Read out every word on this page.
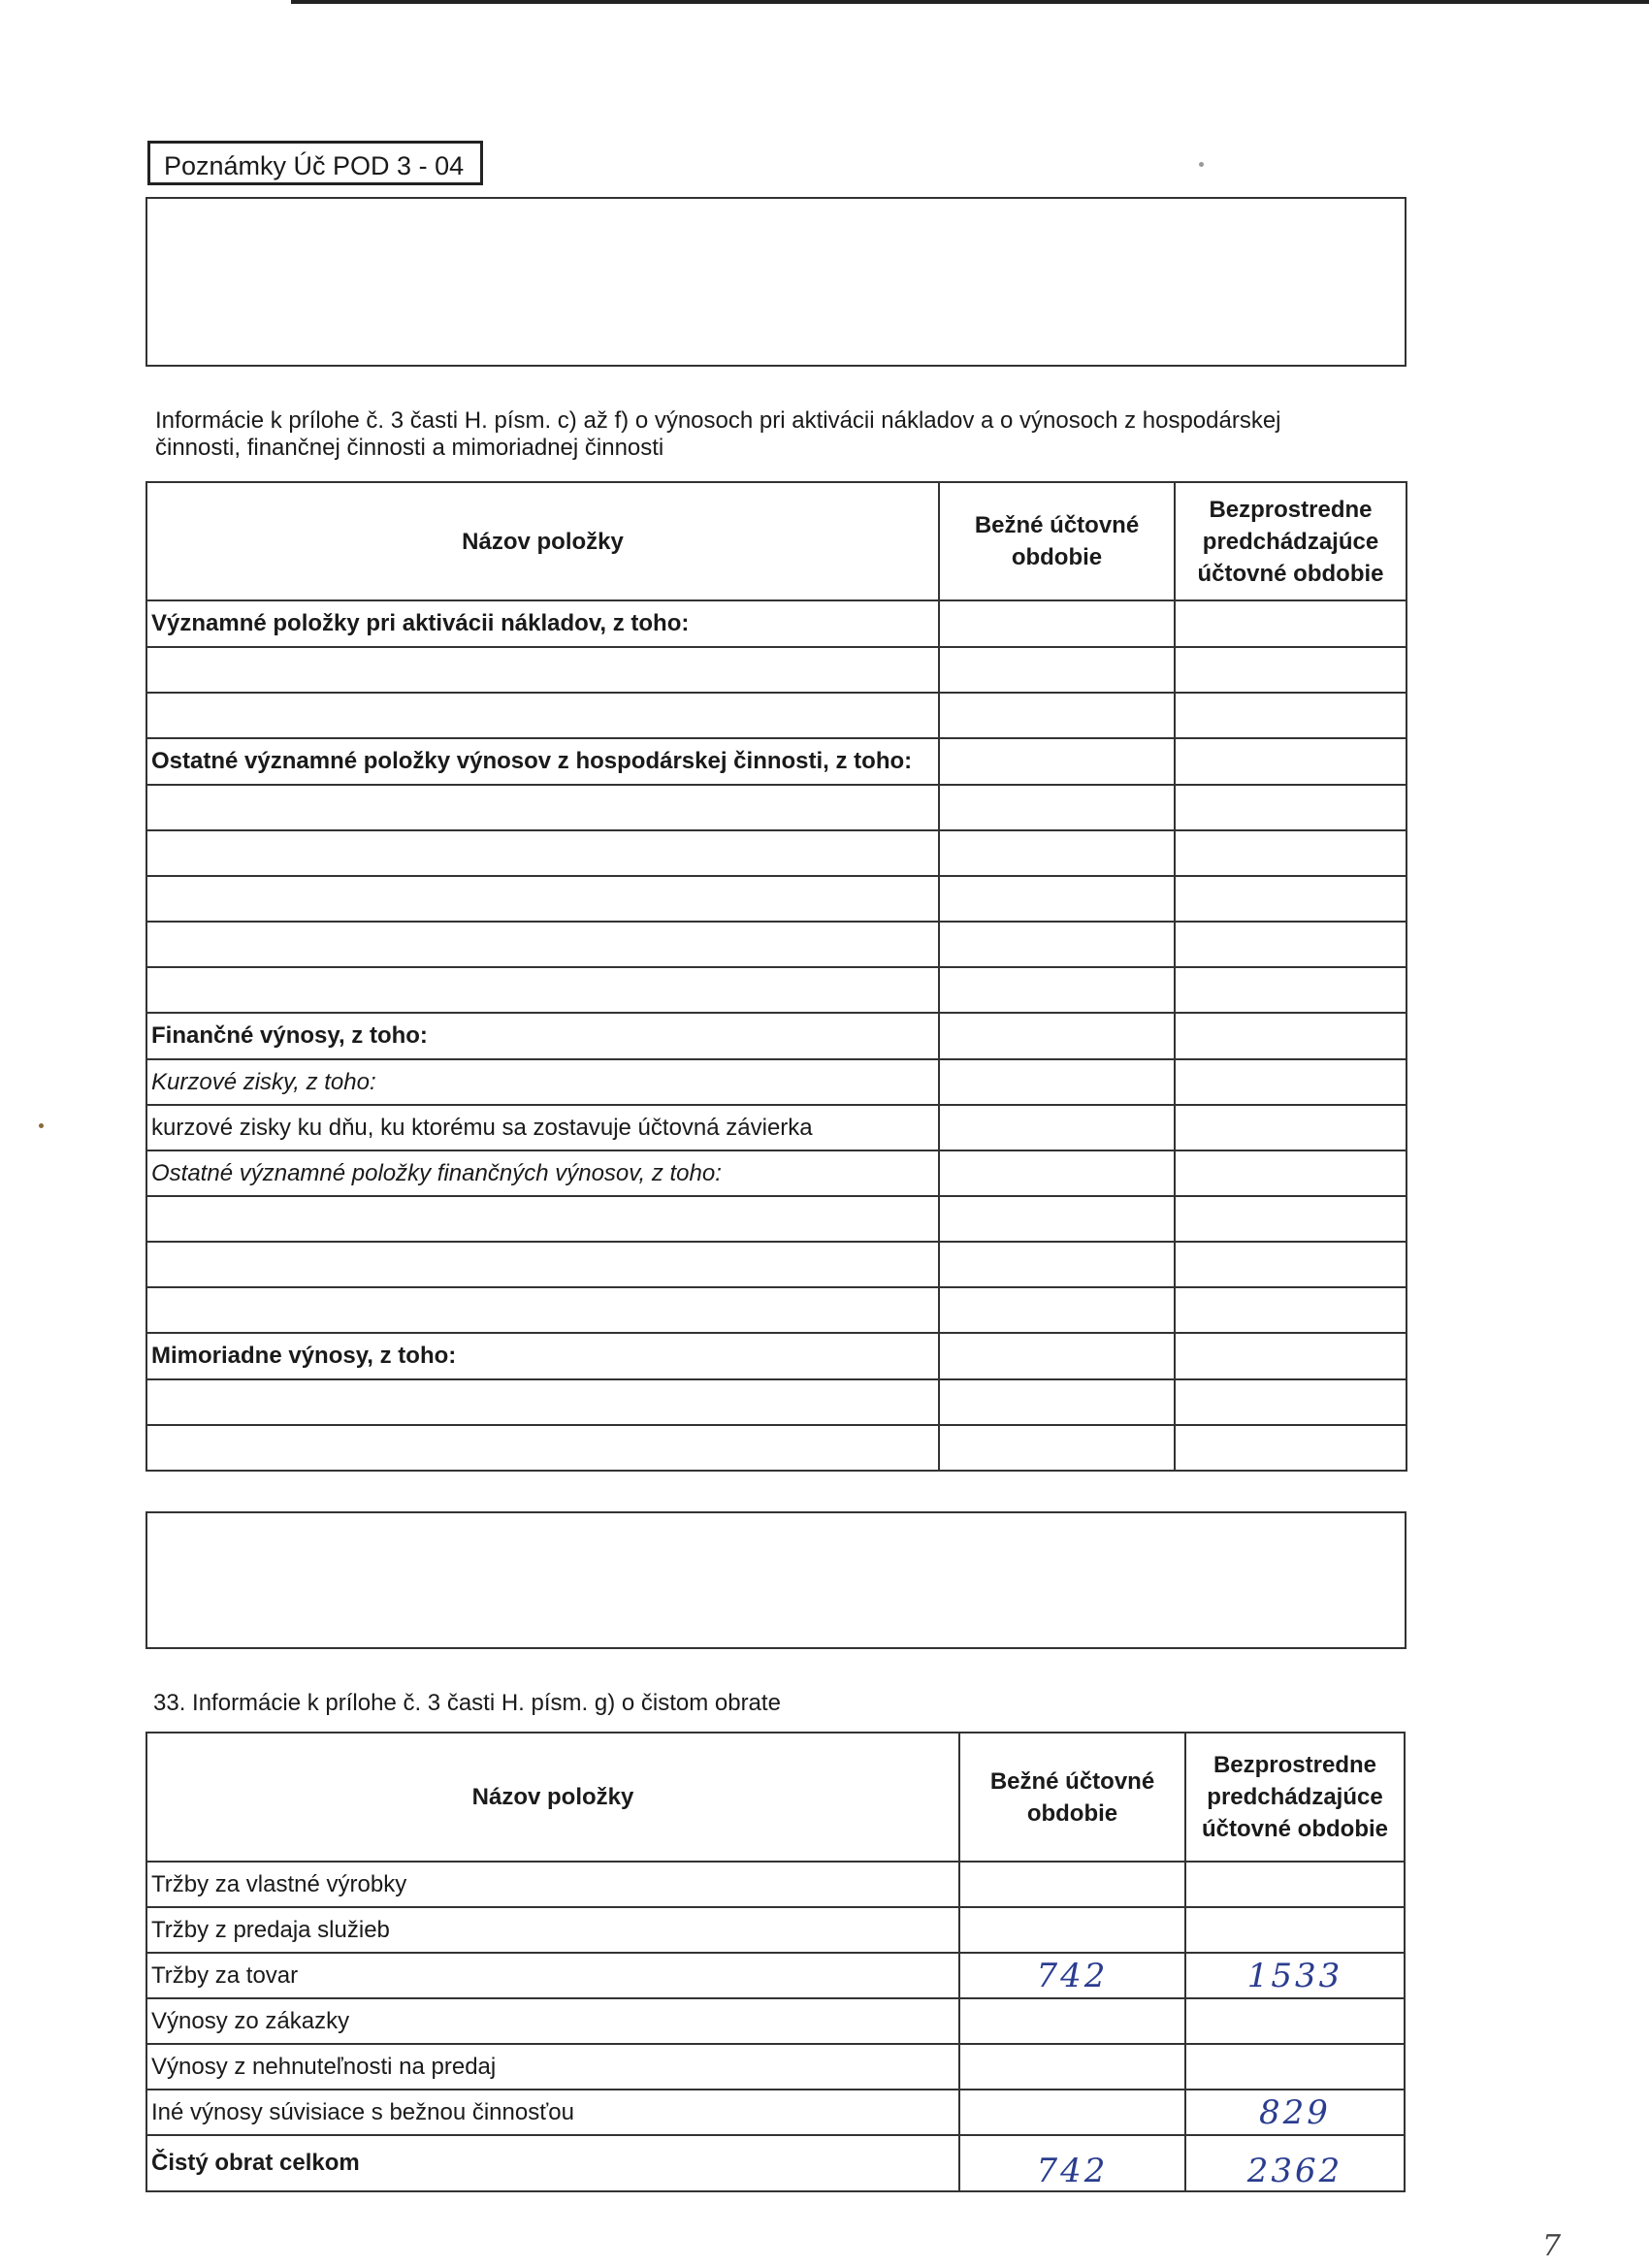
Poznámky Úč POD 3 - 04
Informácie k prílohe č. 3 časti H. písm. c) až f) o výnosoch pri aktivácii nákladov a o výnosoch z hospodárskej
činnosti, finančnej činnosti a mimoriadnej činnosti
Názov položky	Bežné účtovné obdobie	Bezprostredne predchádzajúce účtovné obdobie
Významné položky pri aktivácii nákladov, z toho:		

Ostatné významné položky výnosov z hospodárskej činnosti, z toho:		

Finančné výnosy, z toho:		
Kurzové zisky, z toho:		
kurzové zisky ku dňu, ku ktorému sa zostavuje účtovná závierka		
Ostatné významné položky finančných výnosov, z toho:		

Mimoriadne výnosy, z toho:		

33. Informácie k prílohe č. 3 časti H. písm. g) o čistom obrate
Názov položky	Bežné účtovné obdobie	Bezprostredne predchádzajúce účtovné obdobie
Tržby za vlastné výrobky		
Tržby z predaja služieb		
Tržby za tovar	742	1533
Výnosy zo zákazky		
Výnosy z nehnuteľnosti na predaj		
Iné výnosy súvisiace s bežnou činnosťou		829
Čistý obrat celkom	742	2362
7
